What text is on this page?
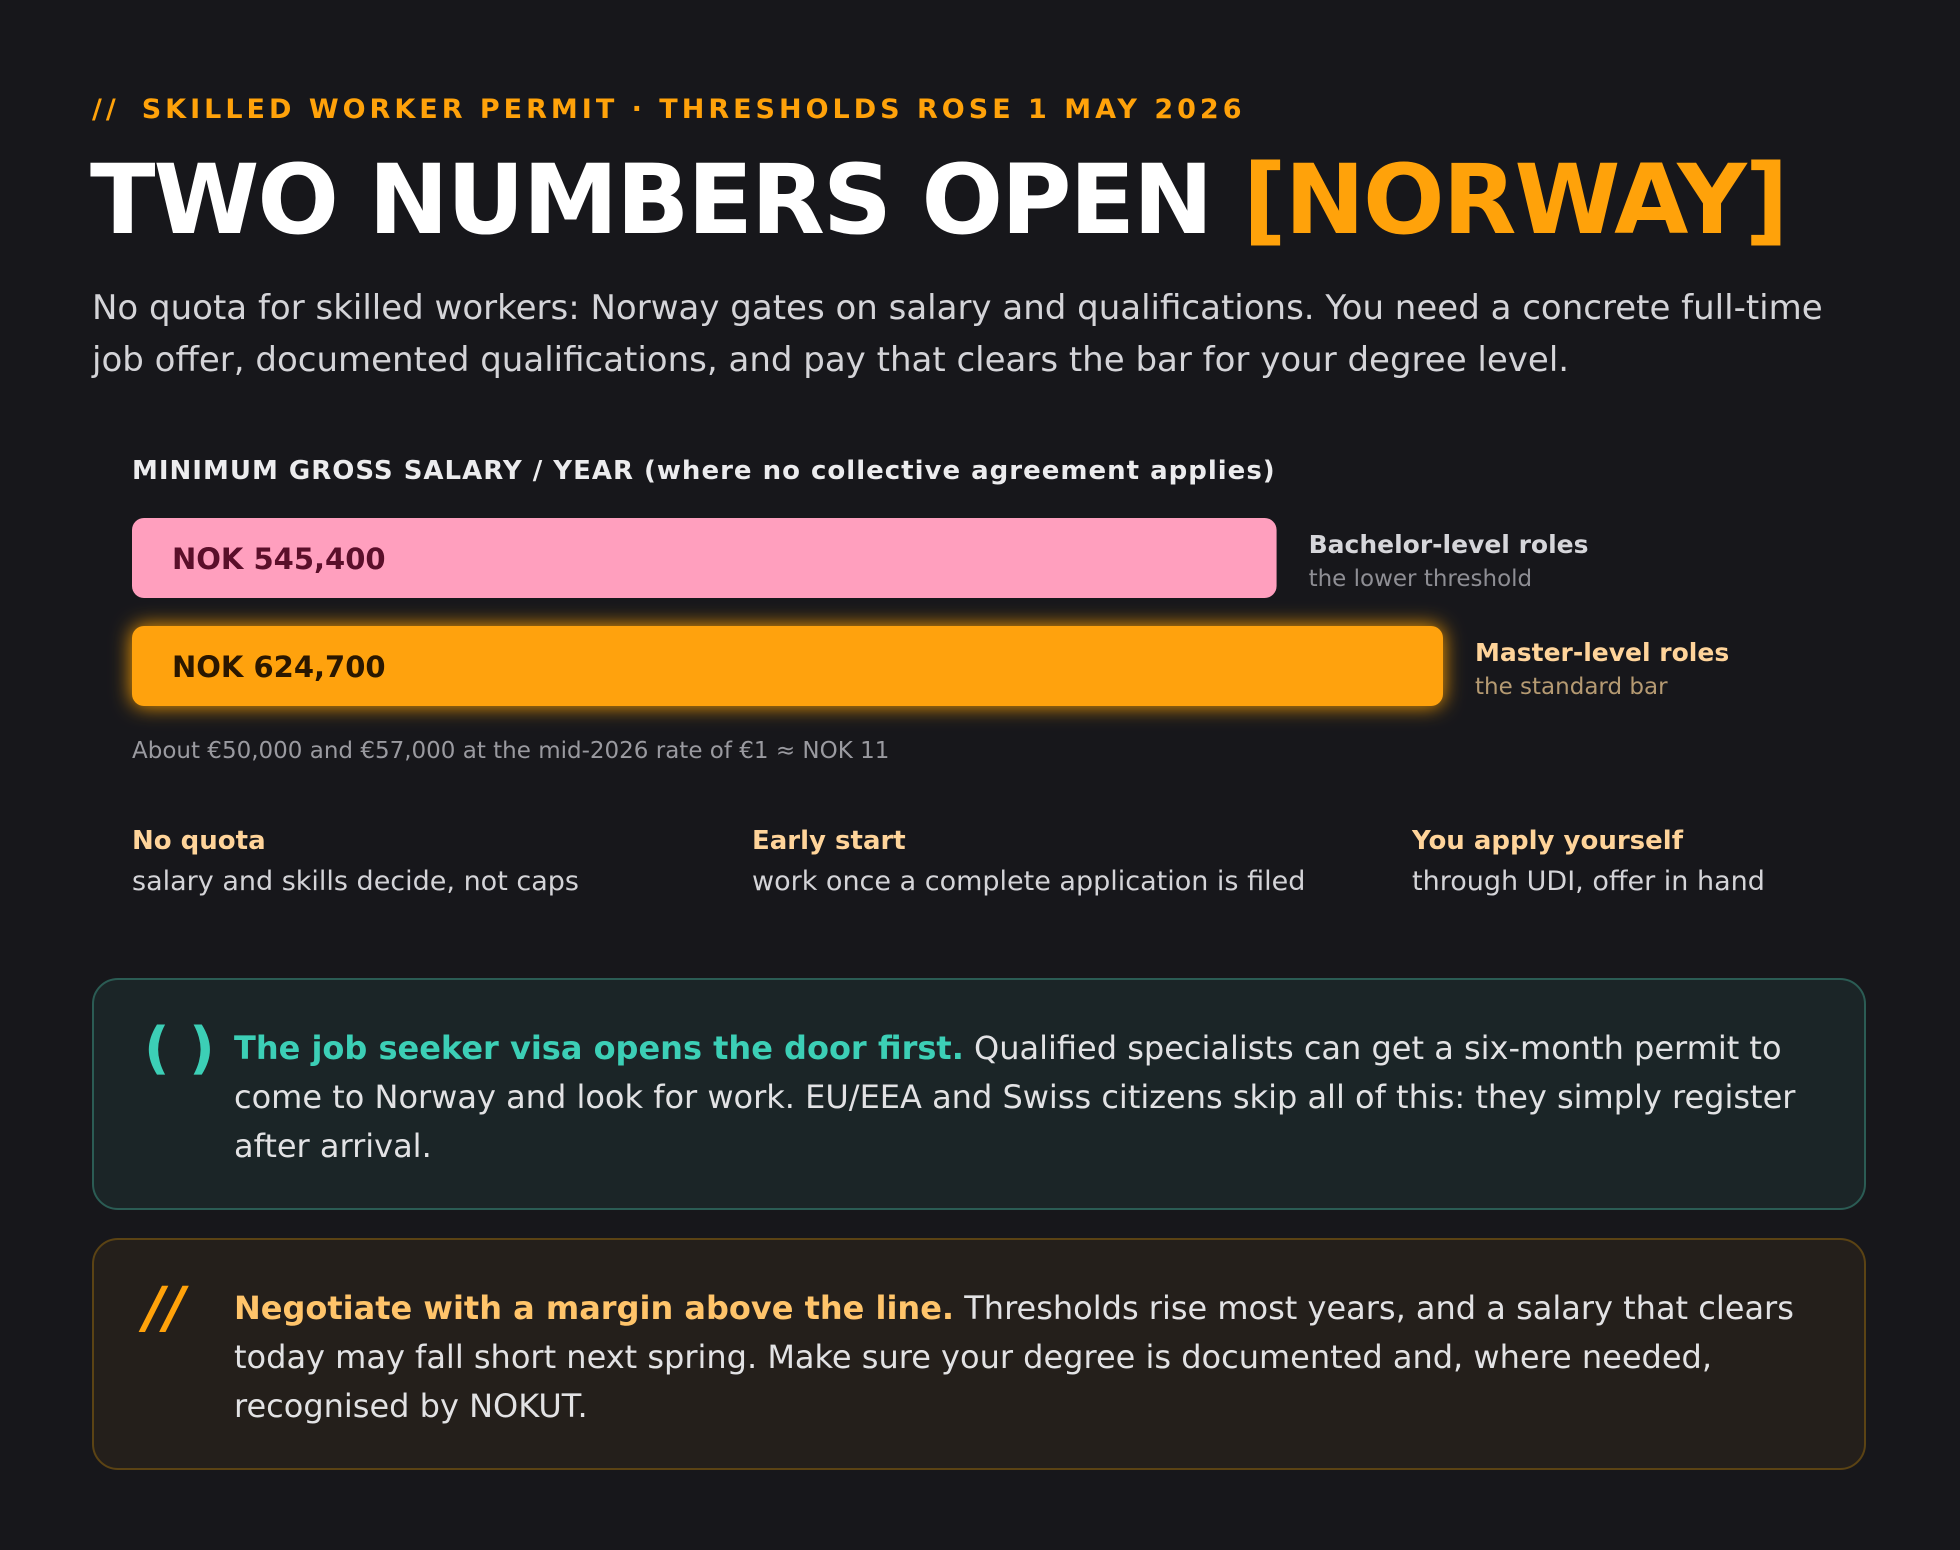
// SKILLED WORKER PERMIT · THRESHOLDS ROSE 1 MAY 2026
TWO NUMBERS OPEN [NORWAY]
No quota for skilled workers: Norway gates on salary and qualifications. You need a concrete full-time job offer, documented qualifications, and pay that clears the bar for your degree level.
MINIMUM GROSS SALARY / YEAR (where no collective agreement applies)
NOK 545,400	Bachelor-level roles
the lower threshold
NOK 624,700	Master-level roles
the standard bar
About €50,000 and €57,000 at the mid-2026 rate of €1 ≈ NOK 11
No quota
salary and skills decide, not caps
Early start
work once a complete application is filed
You apply yourself
through UDI, offer in hand
( ) The job seeker visa opens the door first. Qualified specialists can get a six-month permit to come to Norway and look for work. EU/EEA and Swiss citizens skip all of this: they simply register after arrival.
// Negotiate with a margin above the line. Thresholds rise most years, and a salary that clears today may fall short next spring. Make sure your degree is documented and, where needed, recognised by NOKUT.
